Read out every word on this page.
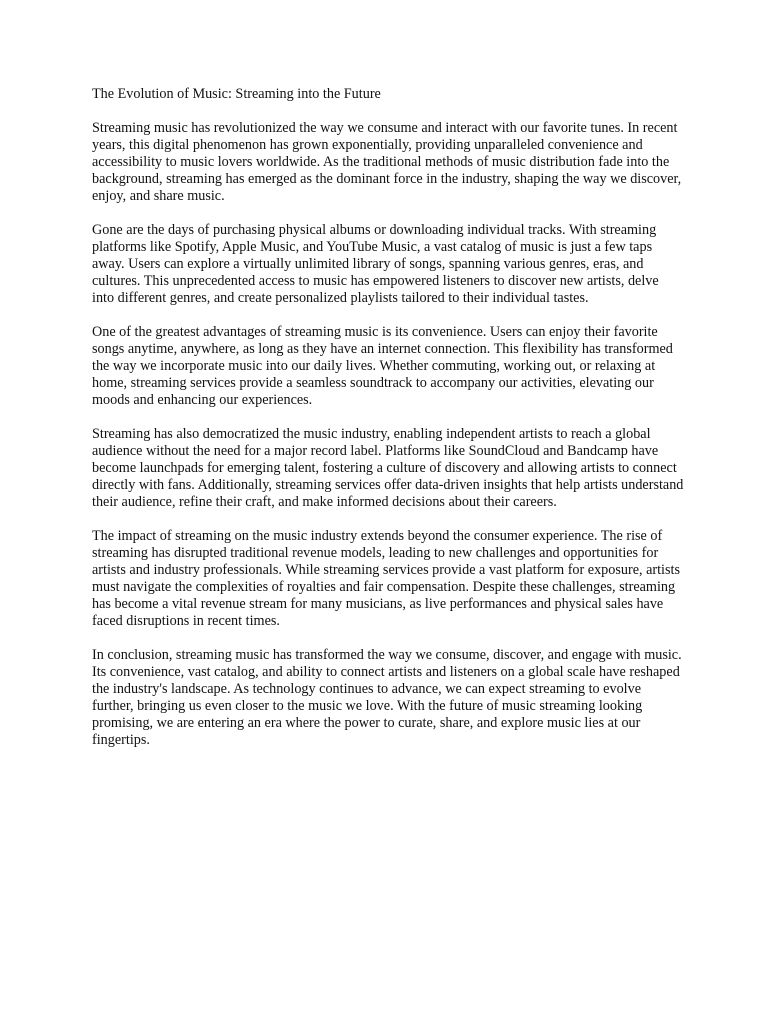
The Evolution of Music: Streaming into the Future

Streaming music has revolutionized the way we consume and interact with our favorite tunes. In recent years, this digital phenomenon has grown exponentially, providing unparalleled convenience and accessibility to music lovers worldwide. As the traditional methods of music distribution fade into the background, streaming has emerged as the dominant force in the industry, shaping the way we discover, enjoy, and share music.

Gone are the days of purchasing physical albums or downloading individual tracks. With streaming platforms like Spotify, Apple Music, and YouTube Music, a vast catalog of music is just a few taps away. Users can explore a virtually unlimited library of songs, spanning various genres, eras, and cultures. This unprecedented access to music has empowered listeners to discover new artists, delve into different genres, and create personalized playlists tailored to their individual tastes.

One of the greatest advantages of streaming music is its convenience. Users can enjoy their favorite songs anytime, anywhere, as long as they have an internet connection. This flexibility has transformed the way we incorporate music into our daily lives. Whether commuting, working out, or relaxing at home, streaming services provide a seamless soundtrack to accompany our activities, elevating our moods and enhancing our experiences.

Streaming has also democratized the music industry, enabling independent artists to reach a global audience without the need for a major record label. Platforms like SoundCloud and Bandcamp have become launchpads for emerging talent, fostering a culture of discovery and allowing artists to connect directly with fans. Additionally, streaming services offer data-driven insights that help artists understand their audience, refine their craft, and make informed decisions about their careers.

The impact of streaming on the music industry extends beyond the consumer experience. The rise of streaming has disrupted traditional revenue models, leading to new challenges and opportunities for artists and industry professionals. While streaming services provide a vast platform for exposure, artists must navigate the complexities of royalties and fair compensation. Despite these challenges, streaming has become a vital revenue stream for many musicians, as live performances and physical sales have faced disruptions in recent times.

In conclusion, streaming music has transformed the way we consume, discover, and engage with music. Its convenience, vast catalog, and ability to connect artists and listeners on a global scale have reshaped the industry's landscape. As technology continues to advance, we can expect streaming to evolve further, bringing us even closer to the music we love. With the future of music streaming looking promising, we are entering an era where the power to curate, share, and explore music lies at our fingertips.
